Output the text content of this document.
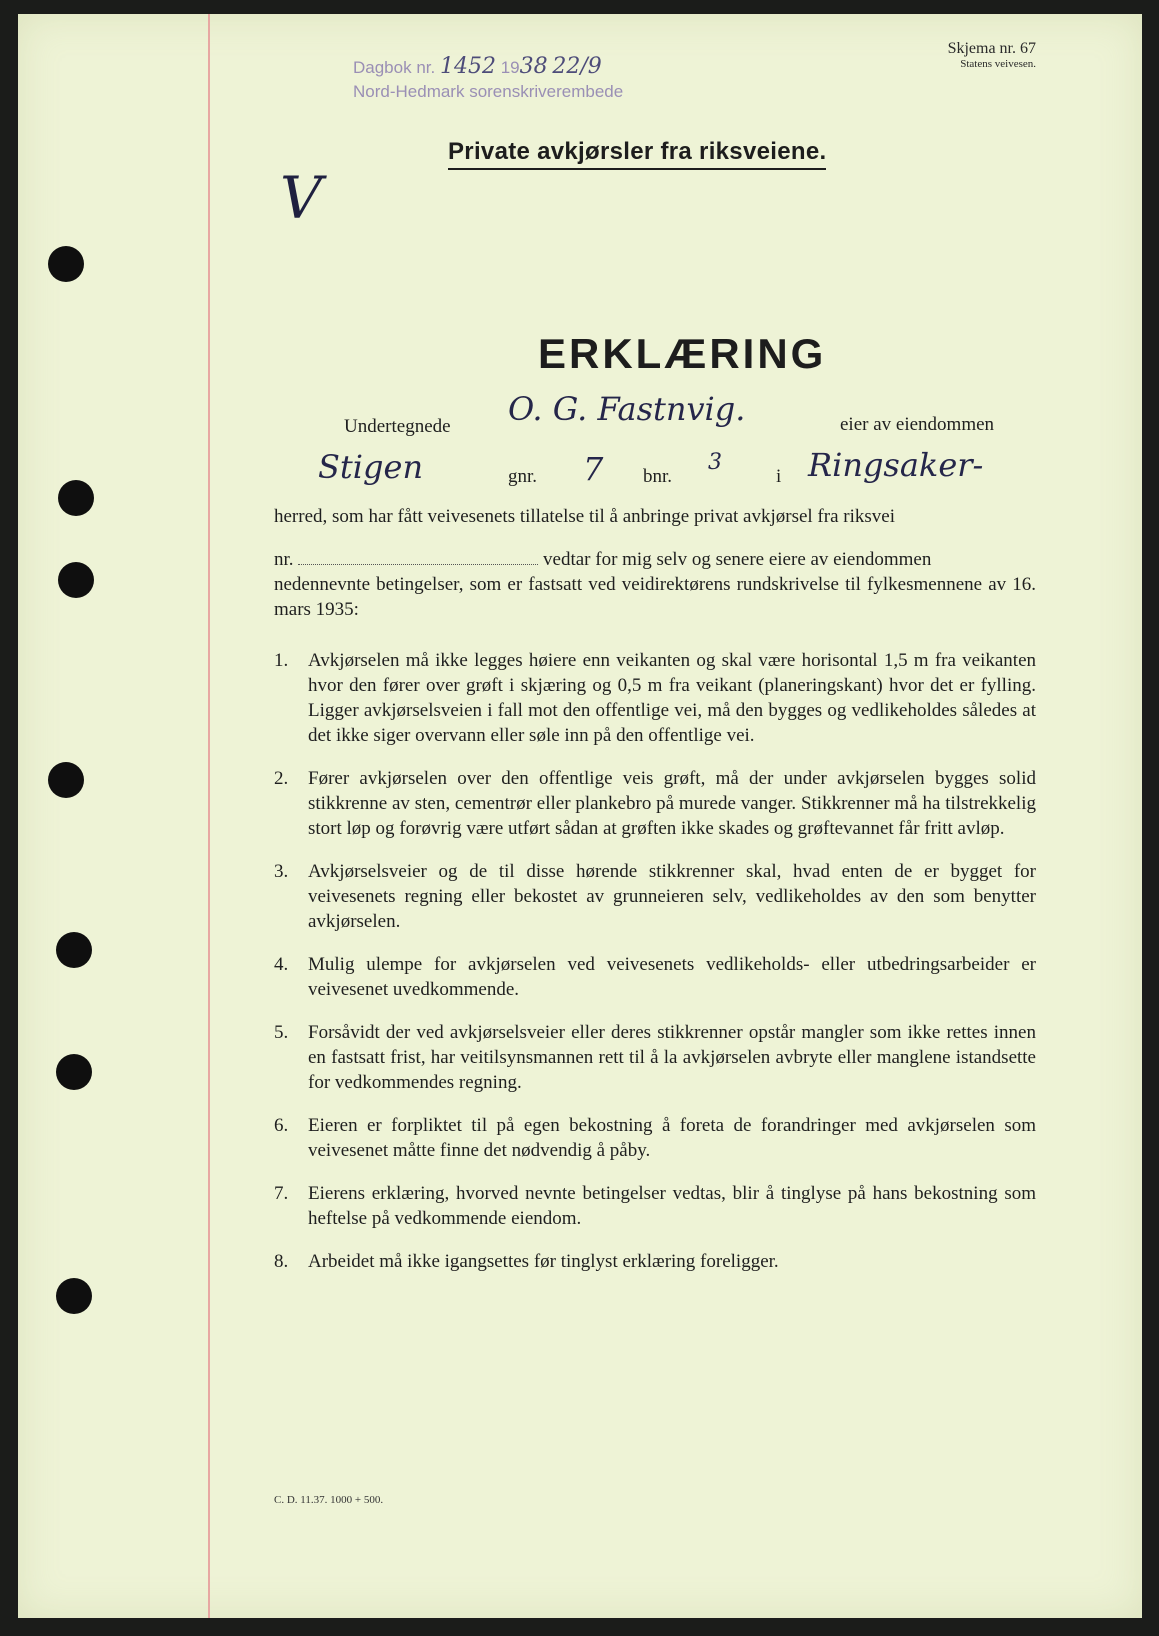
Dagbok nr. 1452 1938 22/9
Nord-Hedmark sorenskriverembede
Skjema nr. 67
Statens veivesen.
Private avkjørsler fra riksveiene.
V
ERKLÆRING
Undertegnede O. G. Fastnvig.	eier av eiendommen
Stigen	gnr. 7 bnr.
3
i Ringsaker-
herred, som har fått veivesenets tillatelse til å anbringe privat avkjørsel fra riksvei
nr.	vedtar for mig selv og senere eiere av eiendommen
nedennevnte betingelser, som er fastsatt ved veidirektørens rundskrivelse til fylkesmennene av 16. mars 1935:
1.	Avkjørselen må ikke legges høiere enn veikanten og skal være horisontal 1,5 m fra veikanten hvor den fører over grøft i skjæring og 0,5 m fra veikant (planeringskant) hvor det er fylling. Ligger avkjørselsveien i fall mot den offentlige vei, må den bygges og vedlikeholdes således at det ikke siger overvann eller søle inn på den offentlige vei.
2.	Fører avkjørselen over den offentlige veis grøft, må der under avkjørselen bygges solid stikkrenne av sten, cementrør eller plankebro på murede vanger. Stikkrenner må ha tilstrekkelig stort løp og forøvrig være utført sådan at grøften ikke skades og grøftevannet får fritt avløp.
3.	Avkjørselsveier og de til disse hørende stikkrenner skal, hvad enten de er bygget for veivesenets regning eller bekostet av grunneieren selv, vedlikeholdes av den som benytter avkjørselen.
4.	Mulig ulempe for avkjørselen ved veivesenets vedlikeholds- eller utbedringsarbeider er veivesenet uvedkommende.
5.	Forsåvidt der ved avkjørselsveier eller deres stikkrenner opstår mangler som ikke rettes innen en fastsatt frist, har veitilsynsmannen rett til å la avkjørselen avbryte eller manglene istandsette for vedkommendes regning.
6.	Eieren er forpliktet til på egen bekostning å foreta de forandringer med avkjørselen som veivesenet måtte finne det nødvendig å påby.
7.	Eierens erklæring, hvorved nevnte betingelser vedtas, blir å tinglyse på hans bekostning som heftelse på vedkommende eiendom.
8.	Arbeidet må ikke igangsettes før tinglyst erklæring foreligger.
C. D. 11.37. 1000 + 500.
